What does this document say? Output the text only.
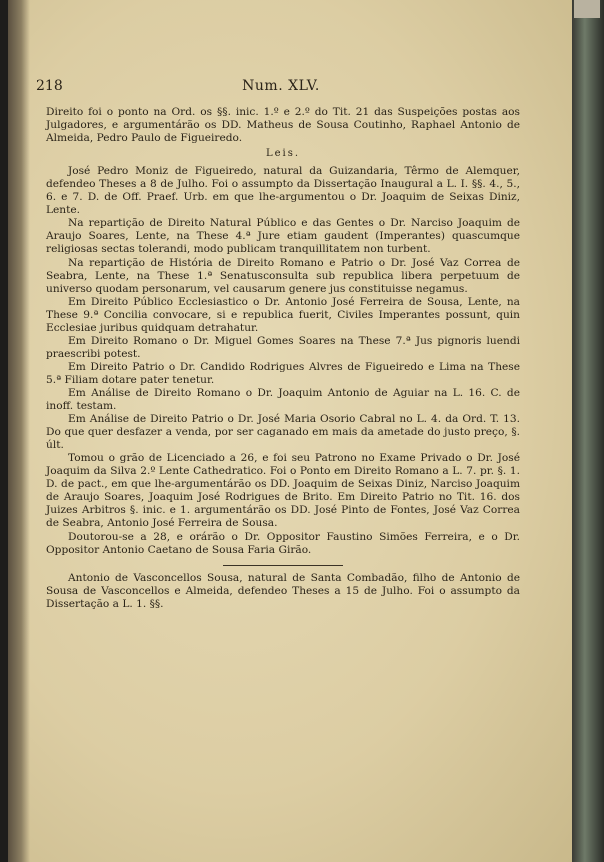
218	Num. XLV.

Direito foi o ponto na Ord. os §§. inic. 1.º e 2.º do Tit. 21 das Suspeições postas aos Julgadores, e argumentárão os DD. Matheus de Sousa Coutinho, Raphael Antonio de Almeida, Pedro Paulo de Figueiredo.

Leis.

José Pedro Moniz de Figueiredo, natural da Guizandaria, Têrmo de Alemquer, defendeo Theses a 8 de Julho. Foi o assumpto da Dissertação Inaugural a L. I. §§. 4., 5., 6. e 7. D. de Off. Praef. Urb. em que lhe-argumentou o Dr. Joaquim de Seixas Diniz, Lente.

Na repartição de Direito Natural Público e das Gentes o Dr. Narciso Joaquim de Araujo Soares, Lente, na These 4.ª Jure etiam gaudent (Imperantes) quascumque religiosas sectas tolerandi, modo publicam tranquillitatem non turbent.

Na repartição de História de Direito Romano e Patrio o Dr. José Vaz Correa de Seabra, Lente, na These 1.ª Senatusconsulta sub republica libera perpetuum de universo quodam personarum, vel causarum genere jus constituisse negamus.

Em Direito Público Ecclesiastico o Dr. Antonio José Ferreira de Sousa, Lente, na These 9.ª Concilia convocare, si e republica fuerit, Civiles Imperantes possunt, quin Ecclesiae juribus quidquam detrahatur.

Em Direito Romano o Dr. Miguel Gomes Soares na These 7.ª Jus pignoris luendi praescribi potest.

Em Direito Patrio o Dr. Candido Rodrigues Alvres de Figueiredo e Lima na These 5.ª Filiam dotare pater tenetur.

Em Análise de Direito Romano o Dr. Joaquim Antonio de Aguiar na L. 16. C. de inoff. testam.

Em Análise de Direito Patrio o Dr. José Maria Osorio Cabral no L. 4. da Ord. T. 13. Do que quer desfazer a venda, por ser caganado em mais da ametade do justo preço, §. últ.

Tomou o grão de Licenciado a 26, e foi seu Patrono no Exame Privado o Dr. José Joaquim da Silva 2.º Lente Cathedratico. Foi o Ponto em Direito Romano a L. 7. pr. §. 1. D. de pact., em que lhe-argumentárão os DD. Joaquim de Seixas Diniz, Narciso Joaquim de Araujo Soares, Joaquim José Rodrigues de Brito. Em Direito Patrio no Tit. 16. dos Juizes Arbitros §. inic. e 1. argumentárão os DD. José Pinto de Fontes, José Vaz Correa de Seabra, Antonio José Ferreira de Sousa.

Doutorou-se a 28, e orárão o Dr. Oppositor Faustino Simões Ferreira, e o Dr. Oppositor Antonio Caetano de Sousa Faria Girão.

Antonio de Vasconcellos Sousa, natural de Santa Combadão, filho de Antonio de Sousa de Vasconcellos e Almeida, defendeo Theses a 15 de Julho. Foi o assumpto da Dissertação a L. 1. §§.
